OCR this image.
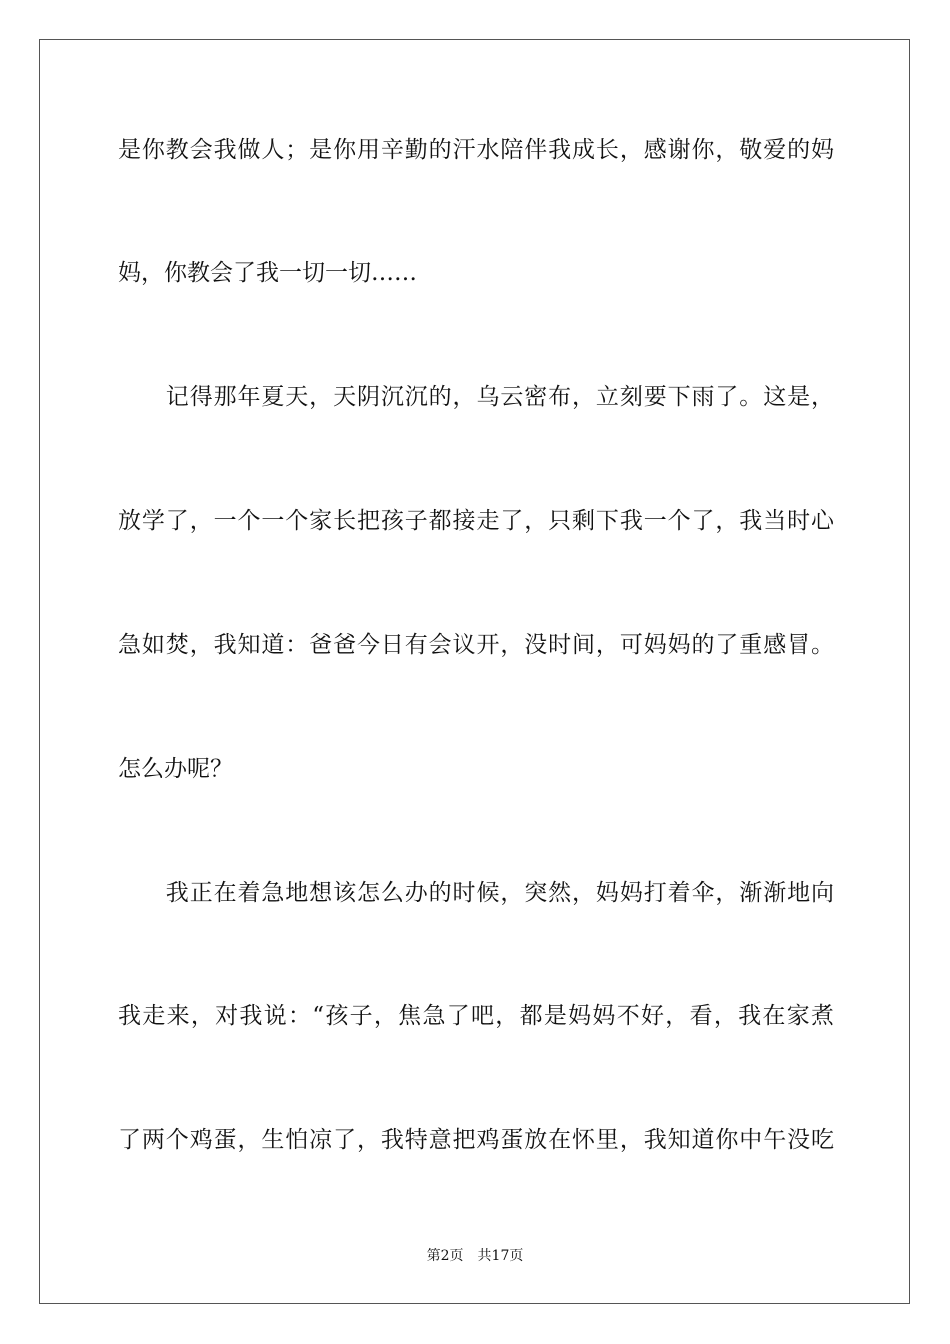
是你教会我做人；是你用辛勤的汗水陪伴我成长，感谢你，敬爱的妈
妈，你教会了我一切一切……
　　记得那年夏天，天阴沉沉的，乌云密布，立刻要下雨了。这是，
放学了，一个一个家长把孩子都接走了，只剩下我一个了，我当时心
急如焚，我知道：爸爸今日有会议开，没时间，可妈妈的了重感冒。
怎么办呢？
　　我正在着急地想该怎么办的时候，突然，妈妈打着伞，渐渐地向
我走来，对我说：“孩子，焦急了吧，都是妈妈不好，看，我在家煮
了两个鸡蛋，生怕凉了，我特意把鸡蛋放在怀里，我知道你中午没吃
第2页　共17页
